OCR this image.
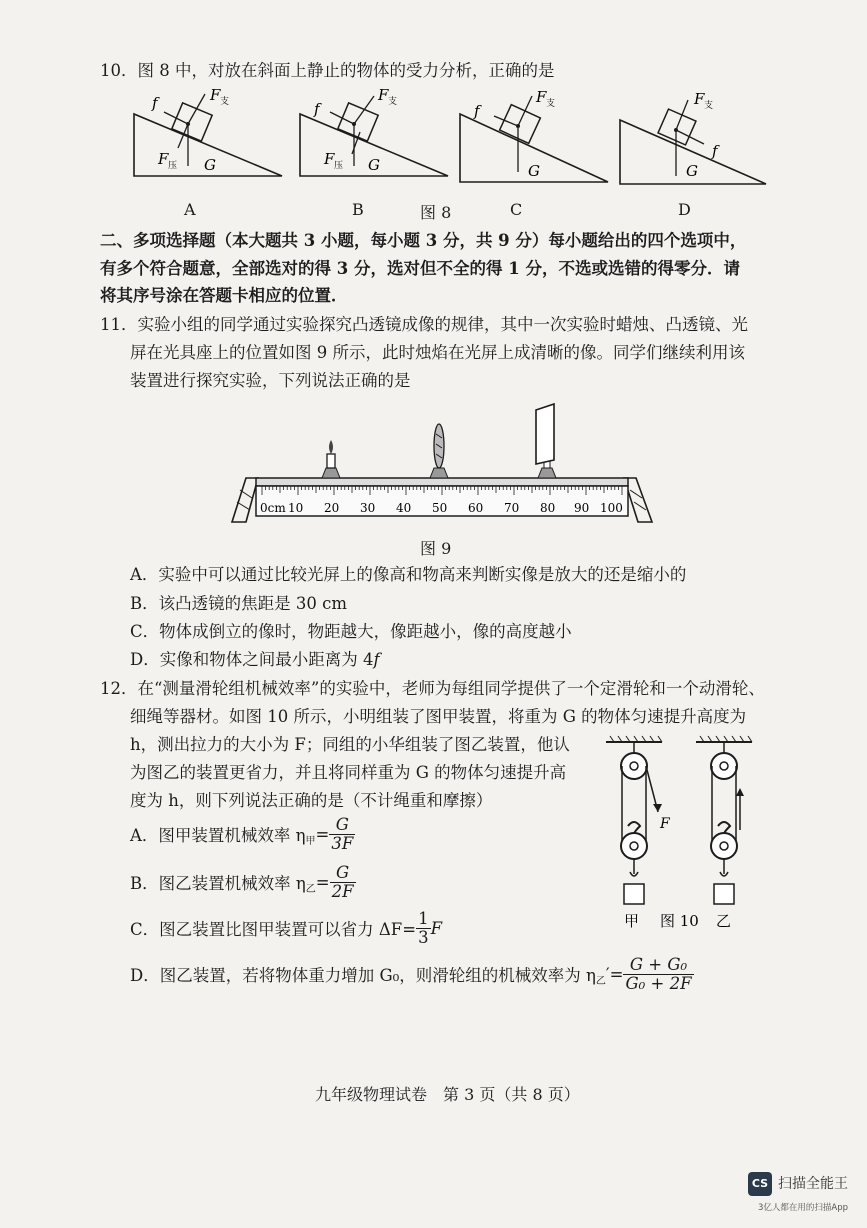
10．图 8 中，对放在斜面上静止的物体的受力分析，正确的是
f	F 支
F 压 G
f
F 支
F 压 G
f
F 支
G
F 支
f
G
A	B	图 8	C	D
二、多项选择题（本大题共 3 小题，每小题 3 分，共 9 分）每小题给出的四个选项中，
有多个符合题意，全部选对的得 3 分，选对但不全的得 1 分，不选或选错的得零分．请
将其序号涂在答题卡相应的位置．
11．实验小组的同学通过实验探究凸透镜成像的规律，其中一次实验时蜡烛、凸透镜、光
屏在光具座上的位置如图 9 所示，此时烛焰在光屏上成清晰的像。同学们继续利用该
装置进行探究实验，下列说法正确的是
0cm 10 20 30 40 50 60 70 80 90 100
图 9
A．实验中可以通过比较光屏上的像高和物高来判断实像是放大的还是缩小的
B．该凸透镜的焦距是 30 cm
C．物体成倒立的像时，物距越大，像距越小，像的高度越小
D．实像和物体之间最小距离为 4f
12．在“测量滑轮组机械效率”的实验中，老师为每组同学提供了一个定滑轮和一个动滑轮、
细绳等器材。如图 10 所示，小明组装了图甲装置，将重为 G 的物体匀速提升高度为
h，测出拉力的大小为 F；同组的小华组装了图乙装置，他认
为图乙的装置更省力，并且将同样重为 G 的物体匀速提升高
度为 h，则下列说法正确的是（不计绳重和摩擦）
A．图甲装置机械效率 η 甲 = $\frac{G}{3F}$
B．图乙装置机械效率 η 乙 = $\frac{G}{2F}$
C．图乙装置比图甲装置可以省力 $\Delta F= \frac{1}{3}$ F
D．图乙装置，若将物体重力增加 G₀，则滑轮组的机械效率为 η 乙 ′= $\frac{\text{G + G₀}}{\text{G₀ + 2F}}$
F
甲 图 10 乙
九年级物理试卷　第 3 页（共 8 页）
CS 扫描全能王
3亿人都在用的扫描App
